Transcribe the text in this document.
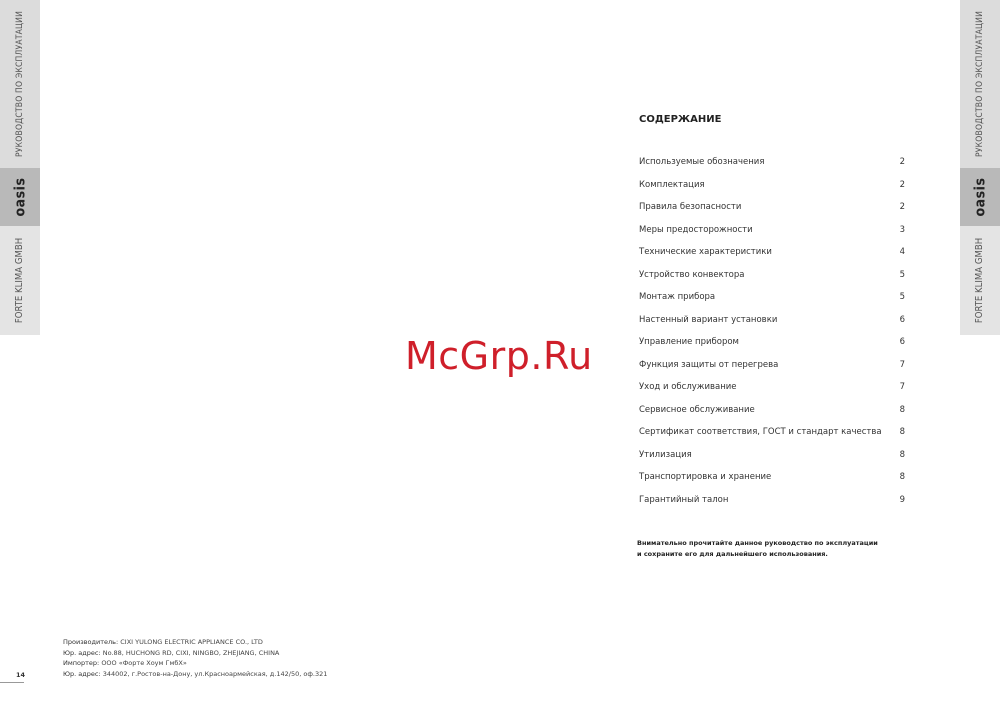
РУКОВОДСТВО ПО ЭКСПЛУАТАЦИИ
oasis
FORTE KLIMA GMBH
РУКОВОДСТВО ПО ЭКСПЛУАТАЦИИ
oasis
FORTE KLIMA GMBH
McGrp.Ru
СОДЕРЖАНИЕ
Используемые обозначения	2
Комплектация	2
Правила безопасности	2
Меры предосторожности	3
Технические характеристики	4
Устройство конвектора	5
Монтаж прибора	5
Настенный вариант установки	6
Управление прибором	6
Функция защиты от перегрева	7
Уход и обслуживание	7
Сервисное обслуживание	8
Сертификат соответствия, ГОСТ и стандарт качества 8
Утилизация	8
Транспортировка и хранение	8
Гарантийный талон	9
Внимательно прочитайте данное руководство по эксплуатации
и сохраните его для дальнейшего использования.
Производитель: CIXI YULONG ELECTRIC APPLIANCE CO., LTD
Юр. адрес: No.88, HUCHONG RD, CIXI, NINGBO, ZHEJIANG, CHINA
Импортер: ООО «Форте Хоум ГмбХ»
Юр. адрес: 344002, г.Ростов-на-Дону, ул.Красноармейская, д.142/50, оф.321
14
